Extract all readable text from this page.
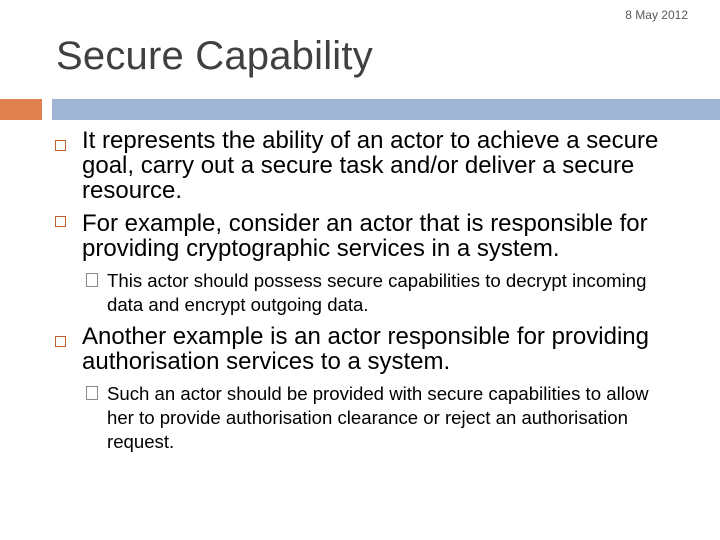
8 May 2012
Secure Capability
It represents the ability of an actor to achieve a secure goal, carry out a secure task and/or deliver a secure resource.
For example, consider an actor that is responsible for providing cryptographic services in a system.
This actor should possess secure capabilities to decrypt incoming data and encrypt outgoing data.
Another example is an actor responsible for providing authorisation services to a system.
Such an actor should be provided with secure capabilities to allow her to provide authorisation clearance or reject an authorisation request.
